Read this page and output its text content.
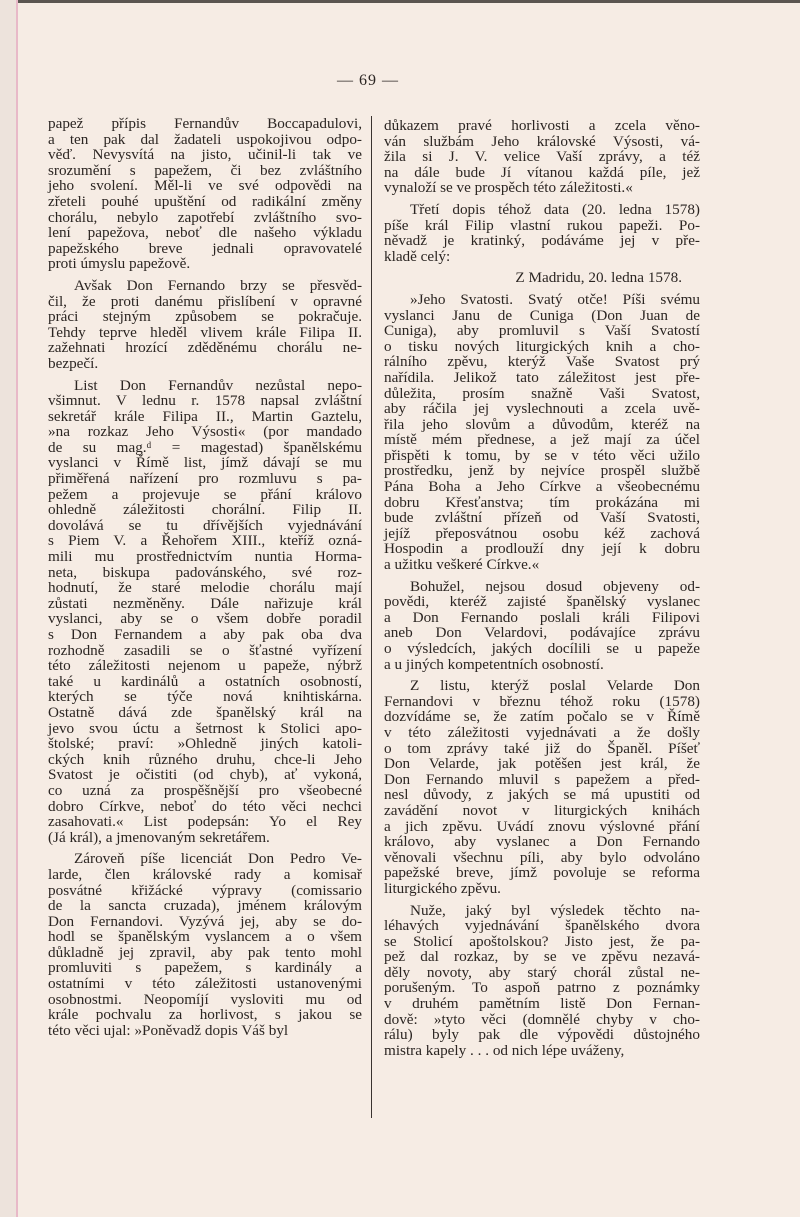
— 69 —
papež přípis Fernandův Boccapadulovi,
a ten pak dal žadateli uspokojivou odpo-
věď. Nevysvítá na jisto, učinil-li tak ve
srozumění s papežem, či bez zvláštního
jeho svolení. Měl-li ve své odpovědi na
zřeteli pouhé upuštění od radikální změny
chorálu, nebylo zapotřebí zvláštního svo-
lení papežova, neboť dle našeho výkladu
papežského breve jednali opravovatelé
proti úmyslu papežově.
Avšak Don Fernando brzy se přesvěd-
čil, že proti danému přislíbení v opravné
práci stejným způsobem se pokračuje.
Tehdy teprve hleděl vlivem krále Filipa II.
zažehnati hrozící zděděnému chorálu ne-
bezpečí.
List Don Fernandův nezůstal nepo-
všimnut. V lednu r. 1578 napsal zvláštní
sekretář krále Filipa II., Martin Gaztelu,
»na rozkaz Jeho Výsosti« (por mandado
de su mag.ᵈ = magestad) španělskému
vyslanci v Římě list, jímž dávají se mu
přiměřená nařízení pro rozmluvu s pa-
pežem a projevuje se přání královo
ohledně záležitosti chorální. Filip II.
dovolává se tu dřívějších vyjednávání
s Piem V. a Řehořem XIII., kteříž ozná-
mili mu prostřednictvím nuntia Horma-
neta, biskupa padovánského, své roz-
hodnutí, že staré melodie chorálu mají
zůstati nezměněny. Dále nařizuje král
vyslanci, aby se o všem dobře poradil
s Don Fernandem a aby pak oba dva
rozhodně zasadili se o šťastné vyřízení
této záležitosti nejenom u papeže, nýbrž
také u kardinálů a ostatních osobností,
kterých se týče nová knihtiskárna.
Ostatně dává zde španělský král na
jevo svou úctu a šetrnost k Stolici apo-
štolské; praví: »Ohledně jiných katoli-
ckých knih různého druhu, chce-li Jeho
Svatost je očistiti (od chyb), ať vykoná,
co uzná za prospěšnější pro všeobecné
dobro Církve, neboť do této věci nechci
zasahovati.« List podepsán: Yo el Rey
(Já král), a jmenovaným sekretářem.
Zároveň píše licenciát Don Pedro Ve-
larde, člen královské rady a komisař
posvátné křižácké výpravy (comissario
de la sancta cruzada), jménem královým
Don Fernandovi. Vyzývá jej, aby se do-
hodl se španělským vyslancem a o všem
důkladně jej zpravil, aby pak tento mohl
promluviti s papežem, s kardinály a
ostatními v této záležitosti ustanovenými
osobnostmi. Neopomíjí vysloviti mu od
krále pochvalu za horlivost, s jakou se
této věci ujal: »Poněvadž dopis Váš byl
důkazem pravé horlivosti a zcela věno-
ván službám Jeho královské Výsosti, vá-
žila si J. V. velice Vaší zprávy, a též
na dále bude Jí vítanou každá píle, jež
vynaloží se ve prospěch této záležitosti.«
Třetí dopis téhož data (20. ledna 1578)
píše král Filip vlastní rukou papeži. Po-
něvadž je kratinký, podáváme jej v pře-
kladě celý:
Z Madridu, 20. ledna 1578.
»Jeho Svatosti. Svatý otče! Píši svému
vyslanci Janu de Cuniga (Don Juan de
Cuniga), aby promluvil s Vaší Svatostí
o tisku nových liturgických knih a cho-
rálního zpěvu, kterýž Vaše Svatost prý
nařídila. Jelikož tato záležitost jest pře-
důležita, prosím snažně Vaši Svatost,
aby ráčila jej vyslechnouti a zcela uvě-
řila jeho slovům a důvodům, kteréž na
místě mém přednese, a jež mají za účel
přispěti k tomu, by se v této věci užilo
prostředku, jenž by nejvíce prospěl službě
Pána Boha a Jeho Církve a všeobecnému
dobru Křesťanstva; tím prokázána mi
bude zvláštní přízeň od Vaší Svatosti,
jejíž přeposvátnou osobu kéž zachová
Hospodin a prodlouží dny její k dobru
a užitku veškeré Církve.«
Bohužel, nejsou dosud objeveny od-
povědi, kteréž zajisté španělský vyslanec
a Don Fernando poslali králi Filipovi
aneb Don Velardovi, podávajíce zprávu
o výsledcích, jakých docílili se u papeže
a u jiných kompetentních osobností.
Z listu, kterýž poslal Velarde Don
Fernandovi v březnu téhož roku (1578)
dozvídáme se, že zatím počalo se v Římě
v této záležitosti vyjednávati a že došly
o tom zprávy také již do Španěl. Píšeť
Don Velarde, jak potěšen jest král, že
Don Fernando mluvil s papežem a před-
nesl důvody, z jakých se má upustiti od
zavádění novot v liturgických knihách
a jich zpěvu. Uvádí znovu výslovné přání
královo, aby vyslanec a Don Fernando
věnovali všechnu píli, aby bylo odvoláno
papežské breve, jímž povoluje se reforma
liturgického zpěvu.
Nuže, jaký byl výsledek těchto na-
léhavých vyjednávání španělského dvora
se Stolicí apoštolskou? Jisto jest, že pa-
pež dal rozkaz, by se ve zpěvu nezavá-
děly novoty, aby starý chorál zůstal ne-
porušeným. To aspoň patrno z poznámky
v druhém pamětním listě Don Fernan-
dově: »tyto věci (domnělé chyby v cho-
rálu) byly pak dle výpovědi důstojného
mistra kapely . . . od nich lépe uváženy,
